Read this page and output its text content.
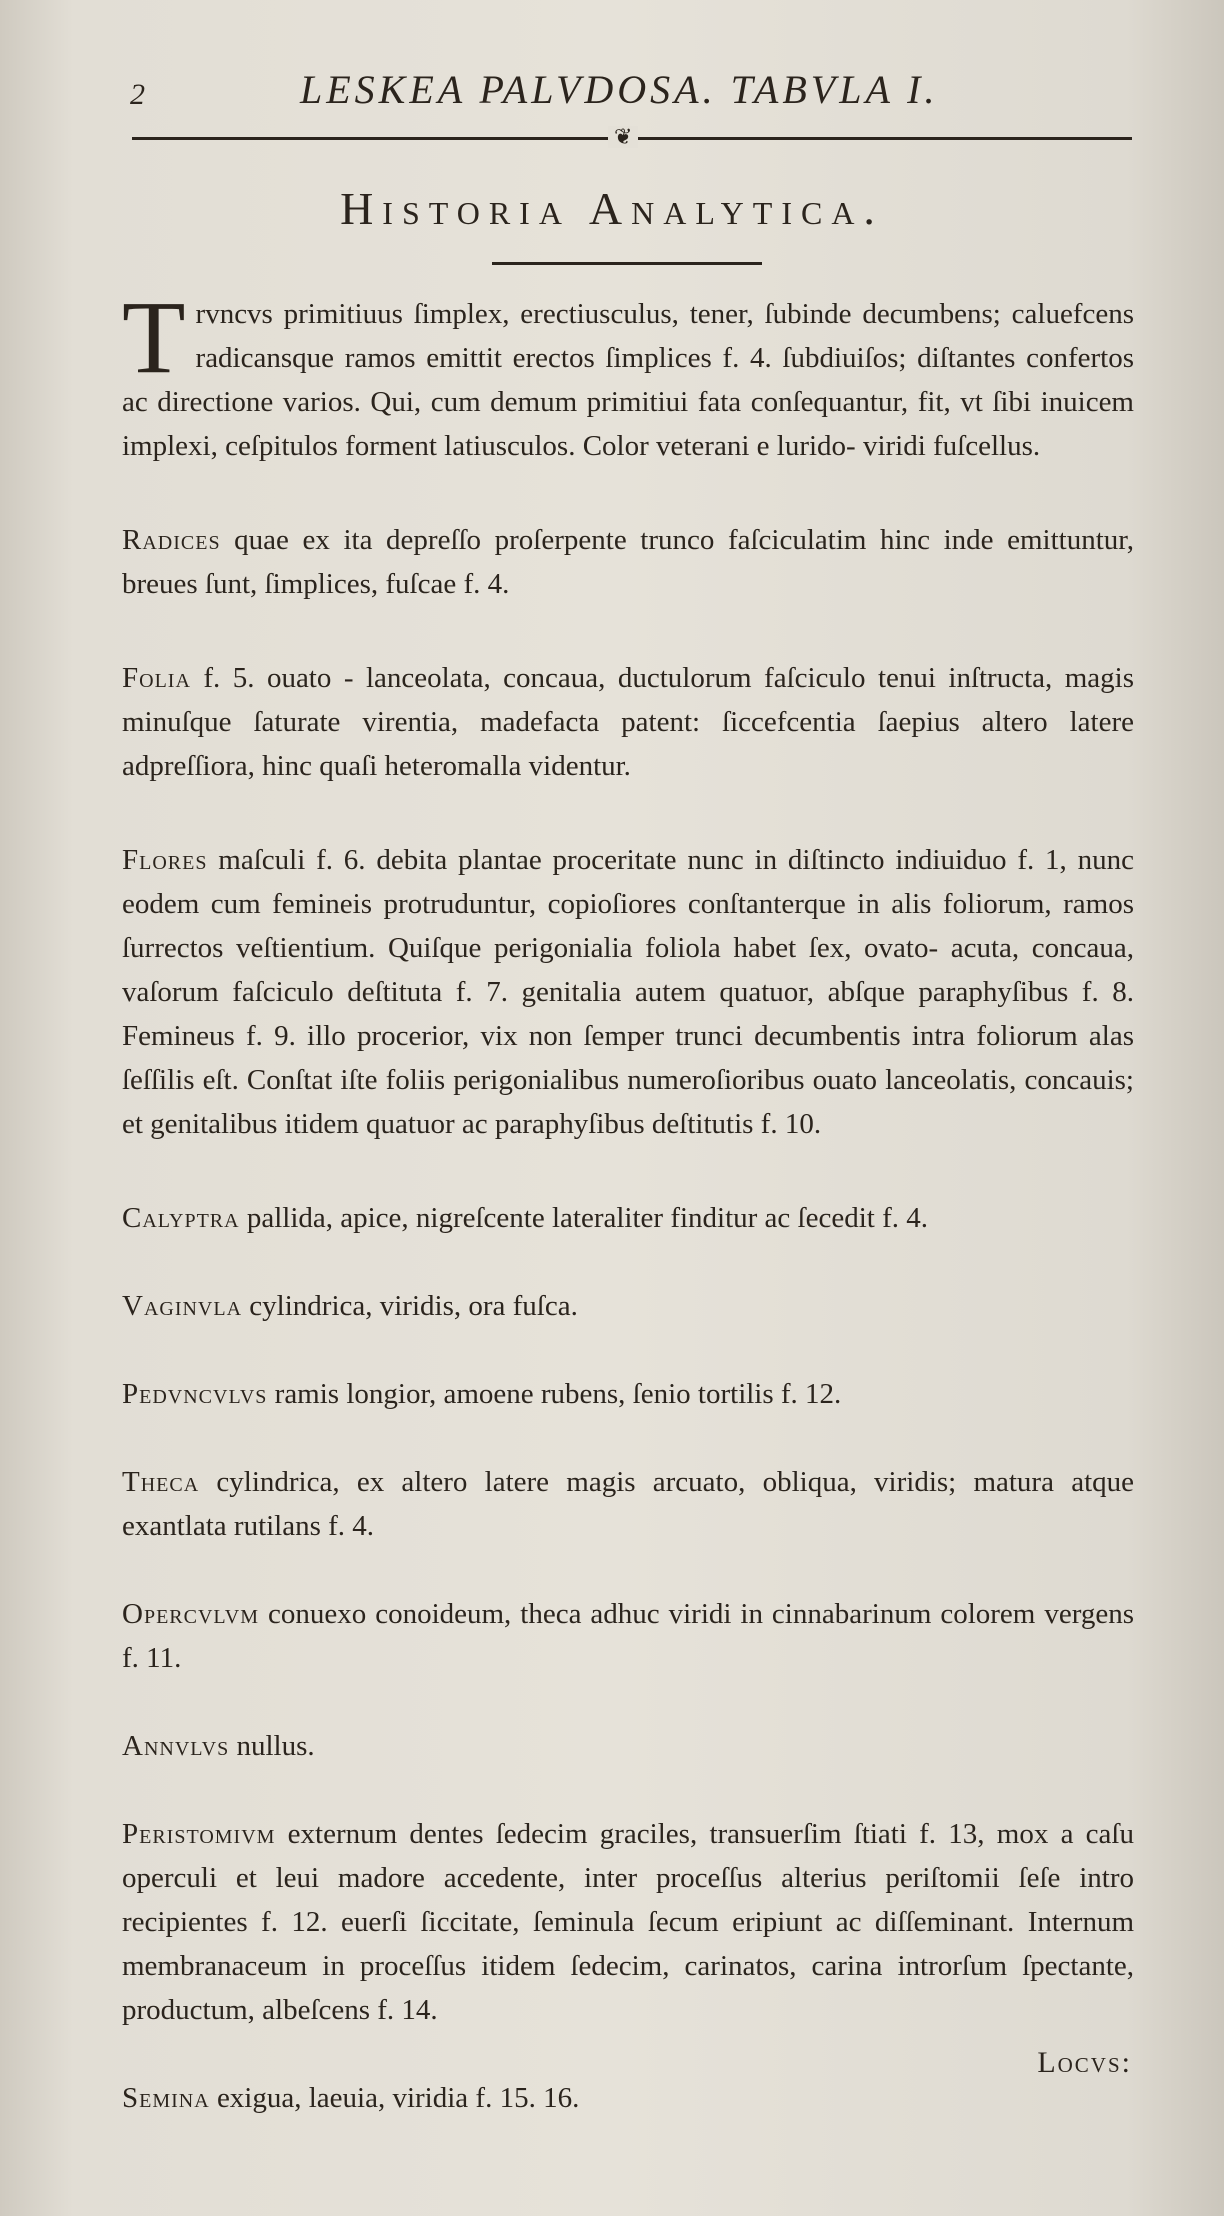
2	LESKEA PALVDOSA. TABVLA I.
❦
Historia Analytica.

Trvncvs primitiuus ſimplex, erectiusculus, tener, ſubinde decumbens; caluefcens radicansque ramos emittit erectos ſimplices f. 4. ſubdiuiſos; diſtantes confertos ac directione varios. Qui, cum demum primitiui fata conſequantur, fit, vt ſibi inuicem implexi, ceſpitulos forment latiusculos. Color veterani e lurido- viridi fuſcellus.

Radices quae ex ita depreſſo proſerpente trunco faſciculatim hinc inde emittuntur, breues ſunt, ſimplices, fuſcae f. 4.

Folia f. 5. ouato - lanceolata, concaua, ductulorum faſciculo tenui inſtructa, magis minuſque ſaturate virentia, madefacta patent: ſiccefcentia ſaepius altero latere adpreſſiora, hinc quaſi heteromalla videntur.

Flores maſculi f. 6. debita plantae proceritate nunc in diſtincto indiuiduo f. 1, nunc eodem cum femineis protruduntur, copioſiores conſtanterque in alis foliorum, ramos ſurrectos veſtientium. Quiſque perigonialia foliola habet ſex, ovato- acuta, concaua, vaſorum faſciculo deſtituta f. 7. genitalia autem quatuor, abſque paraphyſibus f. 8. Femineus f. 9. illo procerior, vix non ſemper trunci decumbentis intra foliorum alas ſeſſilis eſt. Conſtat iſte foliis perigonialibus numeroſioribus ouato lanceolatis, concauis; et genitalibus itidem quatuor ac paraphyſibus deſtitutis f. 10.

Calyptra pallida, apice, nigreſcente lateraliter finditur ac ſecedit f. 4.

Vaginvla cylindrica, viridis, ora fuſca.

Pedvncvlvs ramis longior, amoene rubens, ſenio tortilis f. 12.

Theca cylindrica, ex altero latere magis arcuato, obliqua, viridis; matura atque exantlata rutilans f. 4.

Opercvlvm conuexo conoideum, theca adhuc viridi in cinnabarinum colorem vergens f. 11.

Annvlvs nullus.

Peristomivm externum dentes ſedecim graciles, transuerſim ſtiati f. 13, mox a caſu operculi et leui madore accedente, inter proceſſus alterius periſtomii ſeſe intro recipientes f. 12. euerſi ſiccitate, ſeminula ſecum eripiunt ac diſſeminant. Internum membranaceum in proceſſus itidem ſedecim, carinatos, carina introrſum ſpectante, productum, albeſcens f. 14.

Semina exigua, laeuia, viridia f. 15. 16.

Locvs:
